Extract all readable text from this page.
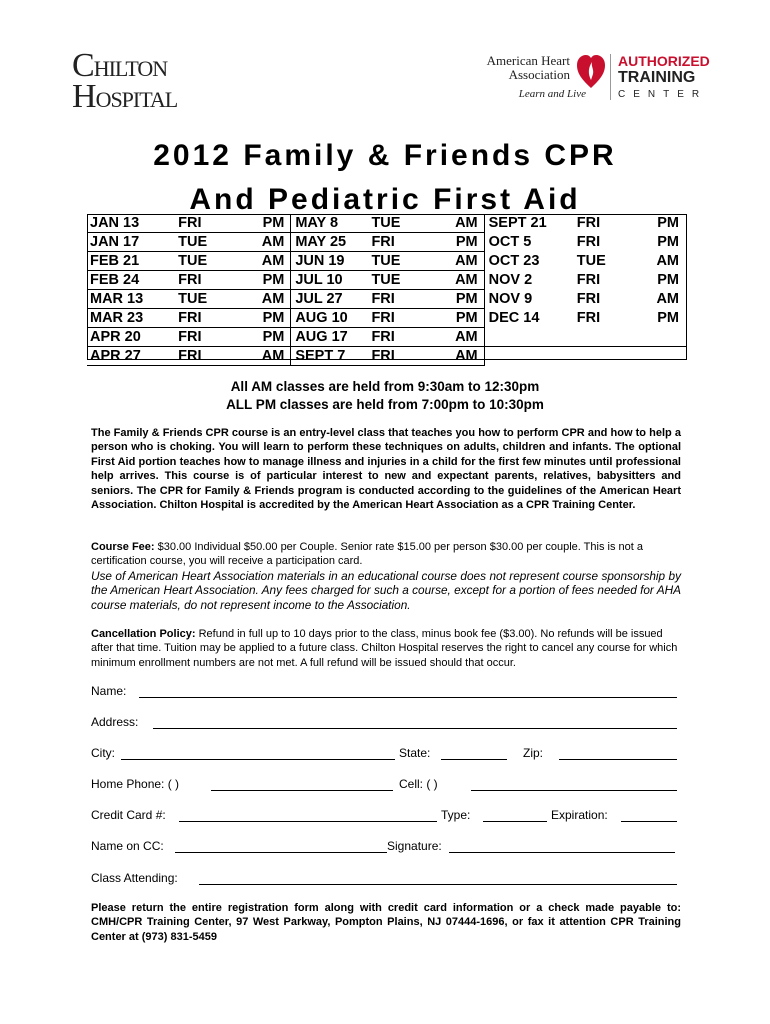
CHILTON
HOSPITAL
American Heart
Association
Learn and Live
AUTHORIZED
TRAINING
CENTER
2012 Family & Friends CPR
And Pediatric First Aid
JAN 13	FRI	PM	MAY 8	TUE	AM	SEPT 21	FRI	PM
JAN 17	TUE	AM	MAY 25	FRI	PM	OCT 5	FRI	PM
FEB 21	TUE	AM	JUN 19	TUE	AM	OCT 23	TUE	AM
FEB 24	FRI	PM	JUL 10	TUE	AM	NOV 2	FRI	PM
MAR 13	TUE	AM	JUL 27	FRI	PM	NOV 9	FRI	AM
MAR 23	FRI	PM	AUG 10	FRI	PM	DEC 14	FRI	PM
APR 20	FRI	PM	AUG 17	FRI	AM			
APR 27	FRI	AM	SEPT 7	FRI	AM			
All AM classes are held from 9:30am to 12:30pm
ALL PM classes are held from 7:00pm to 10:30pm
The Family & Friends CPR course is an entry-level class that teaches you how to perform CPR and how to help a person who is choking. You will learn to perform these techniques on adults, children and infants. The optional First Aid portion teaches how to manage illness and injuries in a child for the first few minutes until professional help arrives. This course is of particular interest to new and expectant parents, relatives, babysitters and seniors. The CPR for Family & Friends program is conducted according to the guidelines of the American Heart Association. Chilton Hospital is accredited by the American Heart Association as a CPR Training Center.
Course Fee: $30.00 Individual $50.00 per Couple. Senior rate $15.00 per person $30.00 per couple. This is not a certification course, you will receive a participation card.
Use of American Heart Association materials in an educational course does not represent course sponsorship by the American Heart Association. Any fees charged for such a course, except for a portion of fees needed for AHA course materials, do not represent income to the Association.
Cancellation Policy: Refund in full up to 10 days prior to the class, minus book fee ($3.00). No refunds will be issued after that time. Tuition may be applied to a future class. Chilton Hospital reserves the right to cancel any course for which minimum enrollment numbers are not met. A full refund will be issued should that occur.
Name:
Address:
City:	State:	Zip:
Home Phone: ( )	Cell: ( )
Credit Card #:	Type:	Expiration:
Name on CC:	Signature:
Class Attending:
Please return the entire registration form along with credit card information or a check made payable to: CMH/CPR Training Center, 97 West Parkway, Pompton Plains, NJ 07444-1696, or fax it attention CPR Training Center at (973) 831-5459
